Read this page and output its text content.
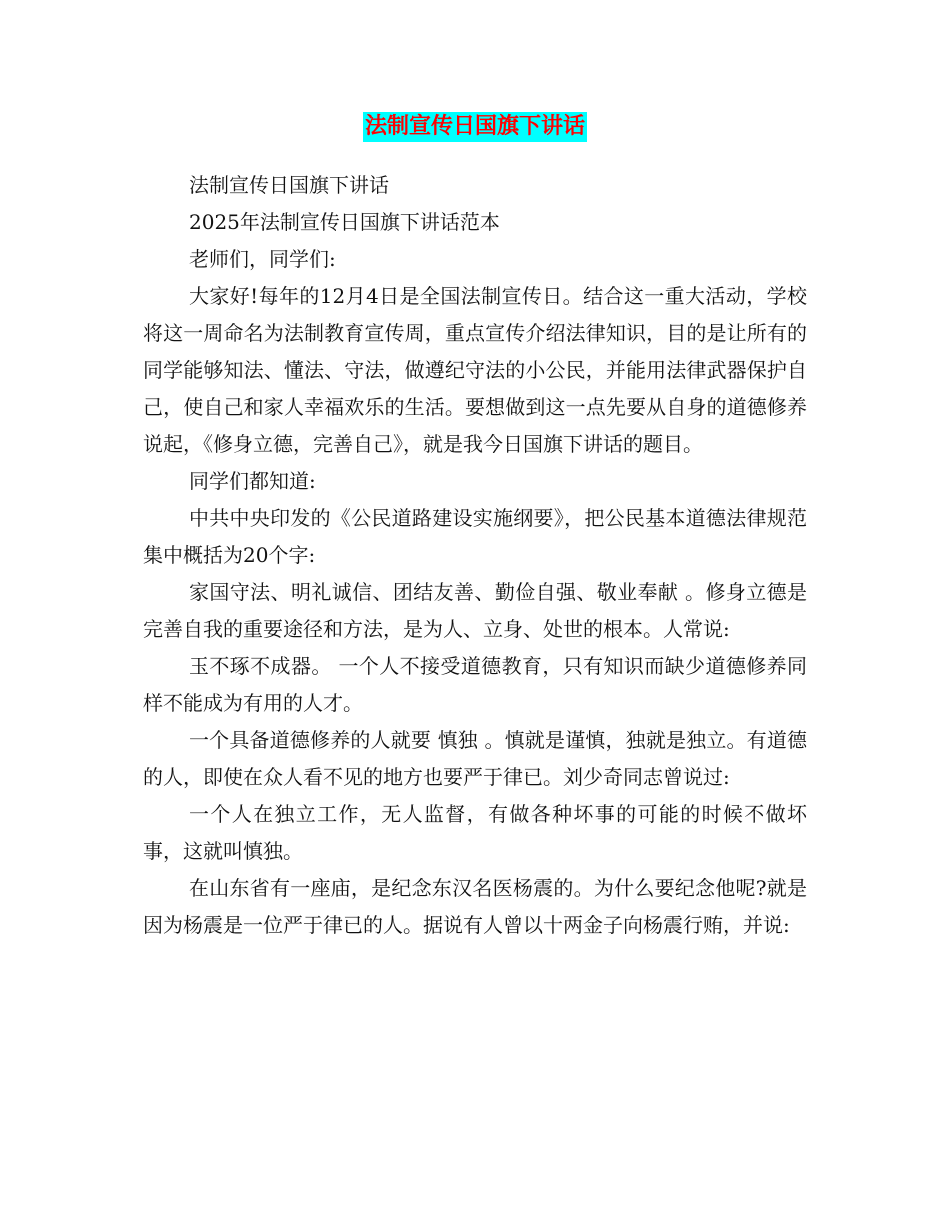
法制宣传日国旗下讲话

法制宣传日国旗下讲话

2025年法制宣传日国旗下讲话范本

老师们，同学们:

大家好!每年的12月4日是全国法制宣传日。结合这一重大活动，学校将这一周命名为法制教育宣传周，重点宣传介绍法律知识，目的是让所有的同学能够知法、懂法、守法，做遵纪守法的小公民，并能用法律武器保护自己，使自己和家人幸福欢乐的生活。要想做到这一点先要从自身的道德修养说起，《修身立德，完善自己》，就是我今日国旗下讲话的题目。

同学们都知道:

中共中央印发的《公民道路建设实施纲要》，把公民基本道德法律规范集中概括为20个字:

家国守法、明礼诚信、团结友善、勤俭自强、敬业奉献 。修身立德是完善自我的重要途径和方法，是为人、立身、处世的根本。人常说:

玉不琢不成器。 一个人不接受道德教育，只有知识而缺少道德修养同样不能成为有用的人才。

一个具备道德修养的人就要 慎独 。慎就是谨慎，独就是独立。有道德的人，即使在众人看不见的地方也要严于律已。刘少奇同志曾说过:

一个人在独立工作，无人监督，有做各种坏事的可能的时候不做坏事，这就叫慎独。

在山东省有一座庙，是纪念东汉名医杨震的。为什么要纪念他呢?就是因为杨震是一位严于律已的人。据说有人曾以十两金子向杨震行贿，并说:
